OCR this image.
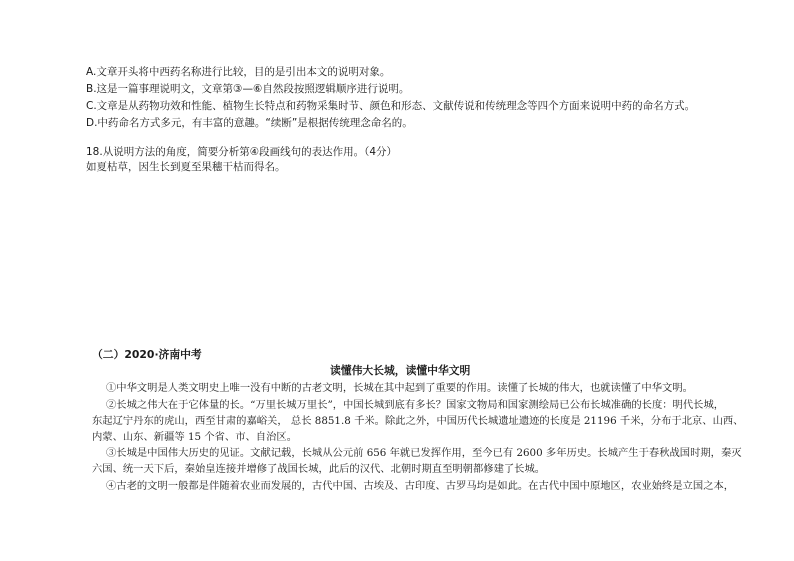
A.文章开头将中西药名称进行比较，目的是引出本文的说明对象。
B.这是一篇事理说明文，文章第③—⑥自然段按照逻辑顺序进行说明。
C.文章是从药物功效和性能、植物生长特点和药物采集时节、颜色和形态、文献传说和传统理念等四个方面来说明中药的命名方式。
D.中药命名方式多元，有丰富的意趣。“续断”是根据传统理念命名的。
18.从说明方法的角度，简要分析第④段画线句的表达作用。（4分）
如夏枯草，因生长到夏至果穗干枯而得名。
（二）2020·济南中考
读懂伟大长城，读懂中华文明
①中华文明是人类文明史上唯一没有中断的古老文明，长城在其中起到了重要的作用。读懂了长城的伟大，也就读懂了中华文明。
②长城之伟大在于它体量的长。“万里长城万里长”，中国长城到底有多长？国家文物局和国家测绘局已公布长城准确的长度：明代长城，
东起辽宁丹东的虎山，西至甘肃的嘉峪关， 总长 8851.8 千米。除此之外，中国历代长城遗址遗迹的长度是 21196 千米，分布于北京、山西、
内蒙、山东、新疆等 15 个省、市、自治区。
③长城是中国伟大历史的见证。文献记载，长城从公元前 656 年就已发挥作用，至今已有 2600 多年历史。长城产生于春秋战国时期，秦灭
六国、统一天下后，秦始皇连接并增修了战国长城，此后的汉代、北朝时期直至明朝都修建了长城。
④古老的文明一般都是伴随着农业而发展的，古代中国、古埃及、古印度、古罗马均是如此。在古代中国中原地区，农业始终是立国之本，
